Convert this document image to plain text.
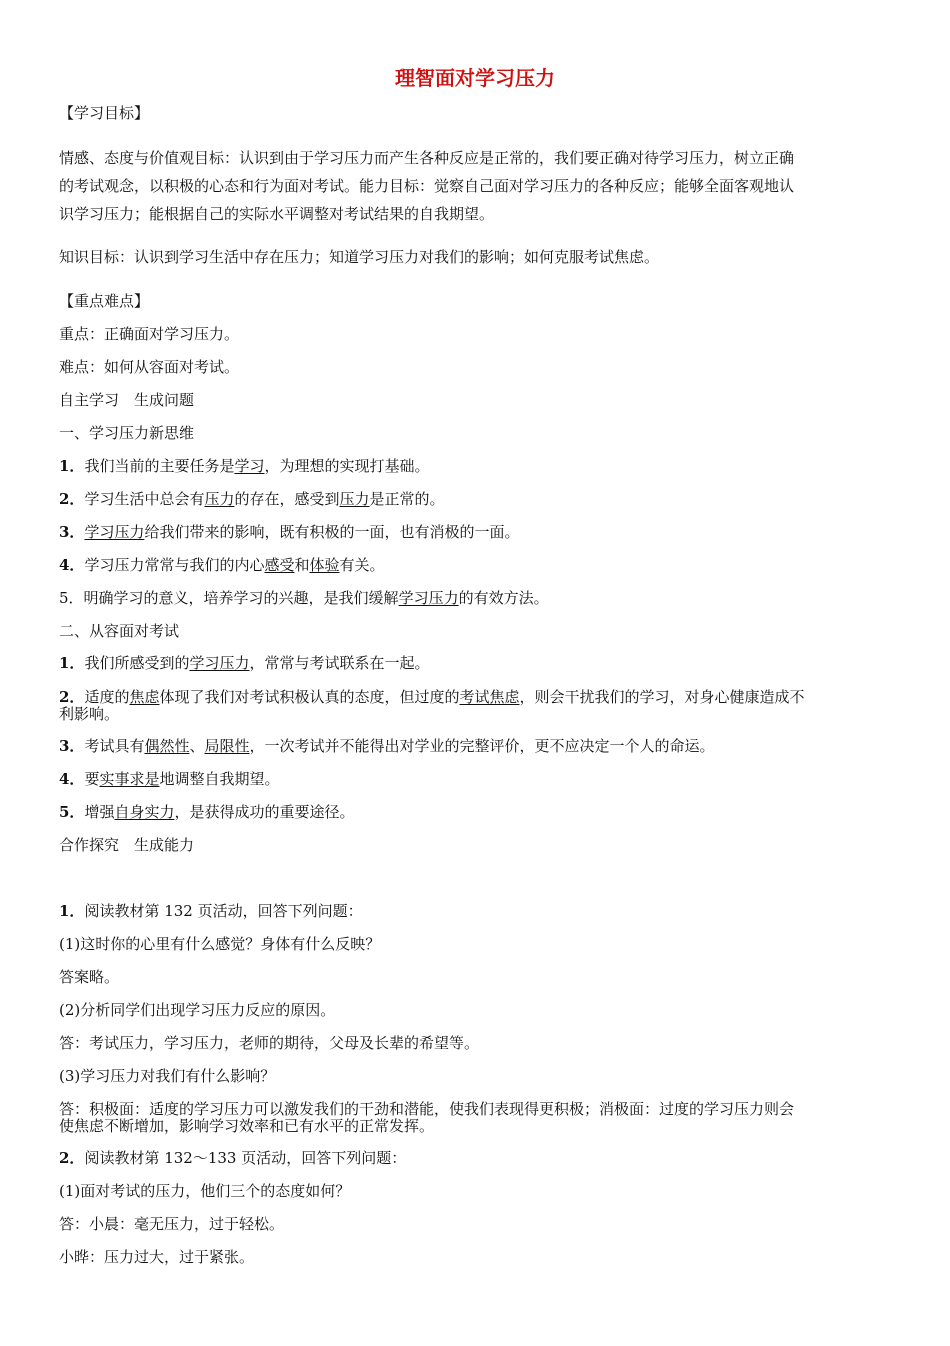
理智面对学习压力

【学习目标】

情感、态度与价值观目标：认识到由于学习压力而产生各种反应是正常的，我们要正确对待学习压力，树立正确

的考试观念，以积极的心态和行为面对考试。能力目标：觉察自己面对学习压力的各种反应；能够全面客观地认

识学习压力；能根据自己的实际水平调整对考试结果的自我期望。

知识目标：认识到学习生活中存在压力；知道学习压力对我们的影响；如何克服考试焦虑。

【重点难点】

重点：正确面对学习压力。

难点：如何从容面对考试。

自主学习　生成问题

一、学习压力新思维

1．我们当前的主要任务是学习，为理想的实现打基础。

2．学习生活中总会有压力的存在，感受到压力是正常的。

3．学习压力给我们带来的影响，既有积极的一面，也有消极的一面。

4．学习压力常常与我们的内心感受和体验有关。

5．明确学习的意义，培养学习的兴趣，是我们缓解学习压力的有效方法。

二、从容面对考试

1．我们所感受到的学习压力，常常与考试联系在一起。

2．适度的焦虑体现了我们对考试积极认真的态度，但过度的考试焦虑，则会干扰我们的学习，对身心健康造成不

利影响。

3．考试具有偶然性、局限性，一次考试并不能得出对学业的完整评价，更不应决定一个人的命运。

4．要实事求是地调整自我期望。

5．增强自身实力，是获得成功的重要途径。

合作探究　生成能力

1．阅读教材第 132 页活动，回答下列问题：

(1)这时你的心里有什么感觉？身体有什么反映？

答案略。

(2)分析同学们出现学习压力反应的原因。

答：考试压力，学习压力，老师的期待，父母及长辈的希望等。

(3)学习压力对我们有什么影响？

答：积极面：适度的学习压力可以激发我们的干劲和潜能，使我们表现得更积极；消极面：过度的学习压力则会

使焦虑不断增加，影响学习效率和已有水平的正常发挥。

2．阅读教材第 132～133 页活动，回答下列问题：

(1)面对考试的压力，他们三个的态度如何？

答：小晨：毫无压力，过于轻松。

小晔：压力过大，过于紧张。
